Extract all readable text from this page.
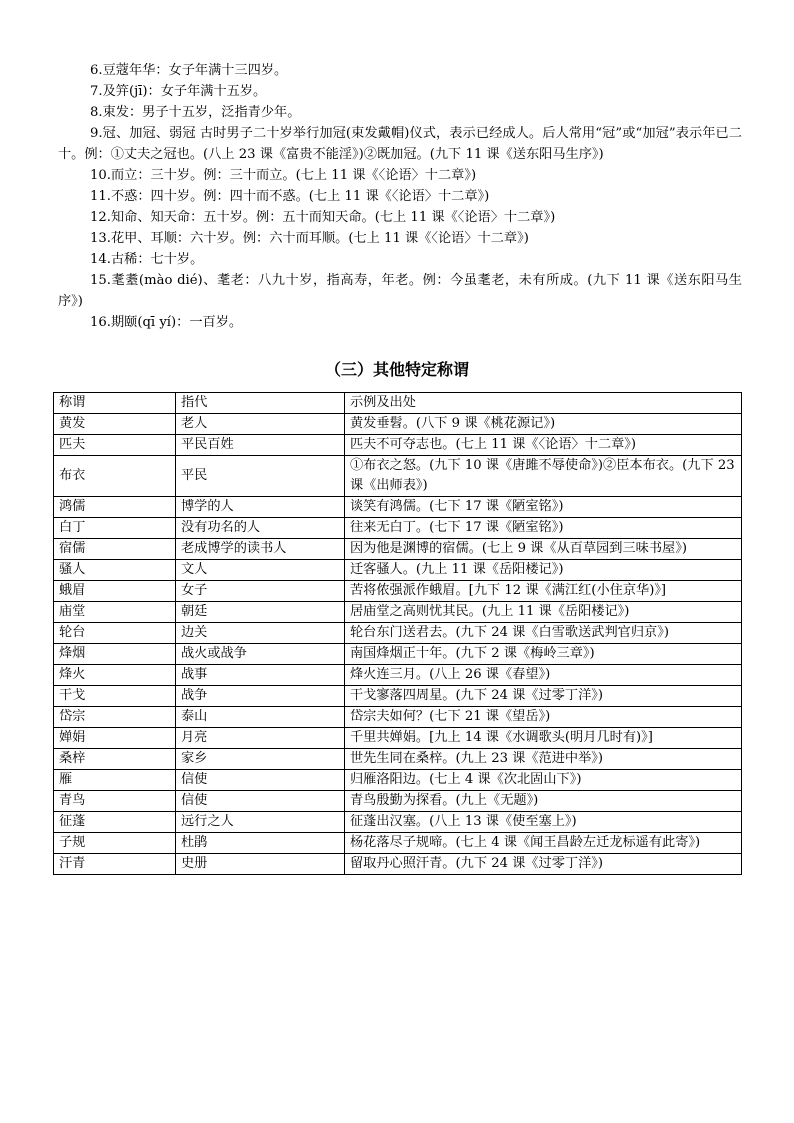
6.豆蔻年华：女子年满十三四岁。

7.及笄(jī)：女子年满十五岁。

8.束发：男子十五岁，泛指青少年。

9.冠、加冠、弱冠 古时男子二十岁举行加冠(束发戴帽)仪式，表示已经成人。后人常用“冠”或“加冠”表示年已二十。例：①丈夫之冠也。(八上 23 课《富贵不能淫》)②既加冠。(九下 11 课《送东阳马生序》)

10.而立：三十岁。例：三十而立。(七上 11 课《〈论语〉十二章》)

11.不惑：四十岁。例：四十而不惑。(七上 11 课《〈论语〉十二章》)

12.知命、知天命：五十岁。例：五十而知天命。(七上 11 课《〈论语〉十二章》)

13.花甲、耳顺：六十岁。例：六十而耳顺。(七上 11 课《〈论语〉十二章》)

14.古稀：七十岁。

15.耄耋(mào dié)、耄老：八九十岁，指高寿，年老。例：今虽耄老，未有所成。(九下 11 课《送东阳马生序》)

16.期颐(qī yí)：一百岁。

（三）其他特定称谓
称谓	指代	示例及出处
黄发	老人	黄发垂髫。(八下 9 课《桃花源记》)
匹夫	平民百姓	匹夫不可夺志也。(七上 11 课《〈论语〉十二章》)
布衣	平民	①布衣之怒。(九下 10 课《唐雎不辱使命》)②臣本布衣。(九下 23 课《出师表》)
鸿儒	博学的人	谈笑有鸿儒。(七下 17 课《陋室铭》)
白丁	没有功名的人	往来无白丁。(七下 17 课《陋室铭》)
宿儒	老成博学的读书人	因为他是渊博的宿儒。(七上 9 课《从百草园到三味书屋》)
骚人	文人	迁客骚人。(九上 11 课《岳阳楼记》)
蛾眉	女子	苦将侬强派作蛾眉。[九下 12 课《满江红(小住京华)》]
庙堂	朝廷	居庙堂之高则忧其民。(九上 11 课《岳阳楼记》)
轮台	边关	轮台东门送君去。(九下 24 课《白雪歌送武判官归京》)
烽烟	战火或战争	南国烽烟正十年。(九下 2 课《梅岭三章》)
烽火	战事	烽火连三月。(八上 26 课《春望》)
干戈	战争	干戈寥落四周星。(九下 24 课《过零丁洋》)
岱宗	泰山	岱宗夫如何？(七下 21 课《望岳》)
婵娟	月亮	千里共婵娟。[九上 14 课《水调歌头(明月几时有)》]
桑梓	家乡	世先生同在桑梓。(九上 23 课《范进中举》)
雁	信使	归雁洛阳边。(七上 4 课《次北固山下》)
青鸟	信使	青鸟殷勤为探看。(九上《无题》)
征蓬	远行之人	征蓬出汉塞。(八上 13 课《使至塞上》)
子规	杜鹃	杨花落尽子规啼。(七上 4 课《闻王昌龄左迁龙标遥有此寄》)
汗青	史册	留取丹心照汗青。(九下 24 课《过零丁洋》)
